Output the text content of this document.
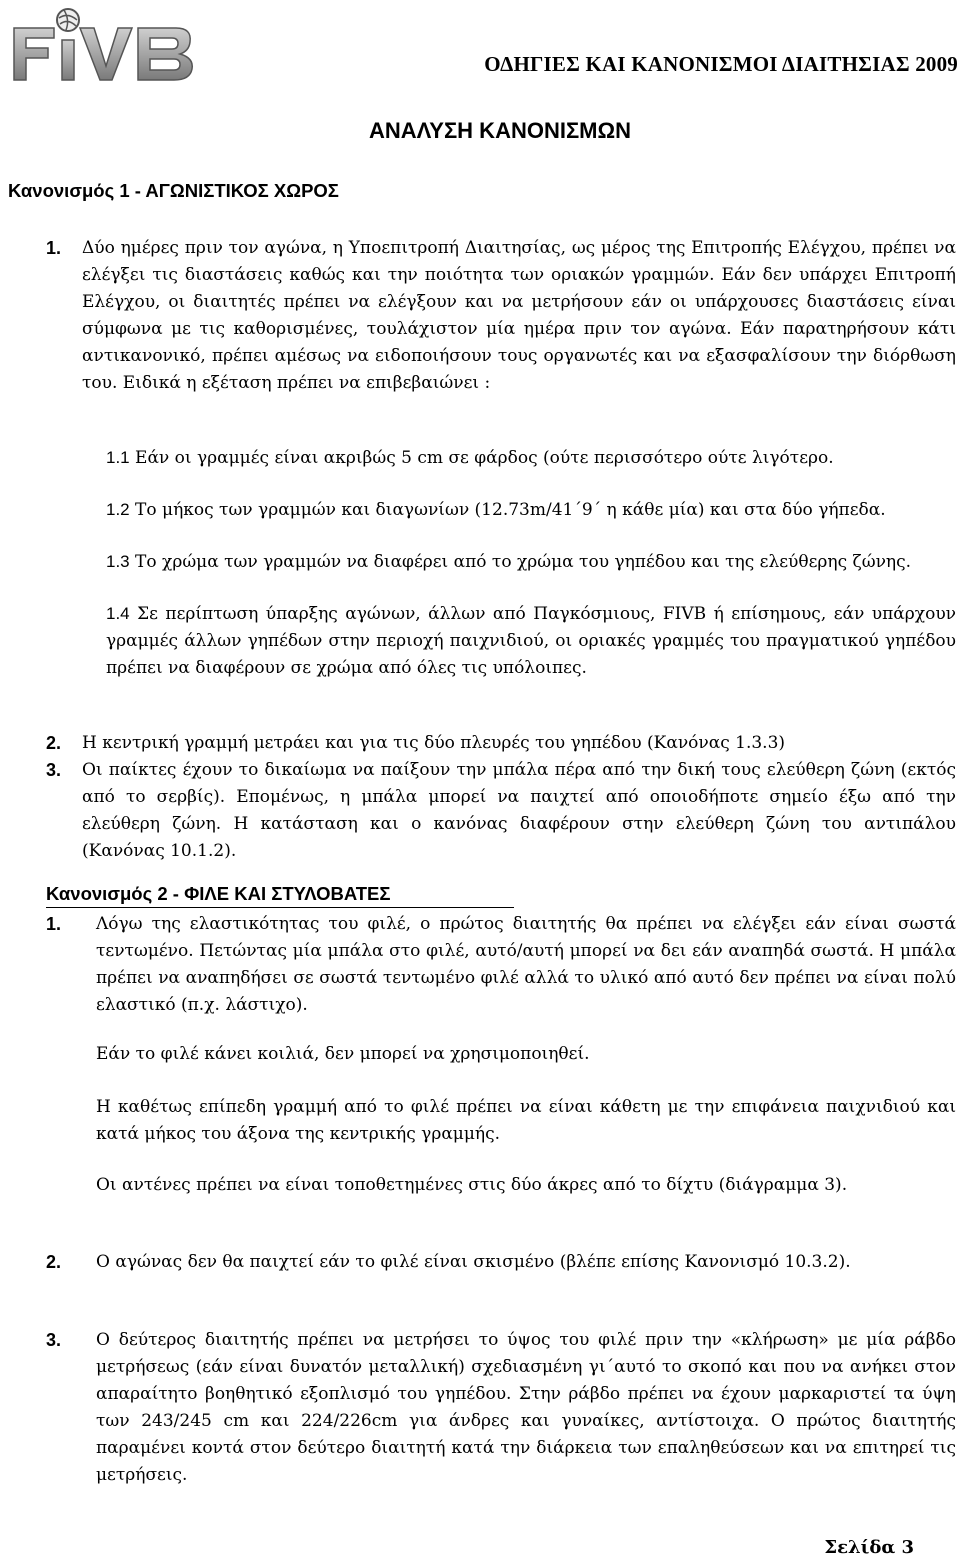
ΟΔΗΓΙΕΣ ΚΑΙ ΚΑΝΟΝΙΣΜΟΙ ΔΙΑΙΤΗΣΙΑΣ 2009
ΑΝΑΛΥΣΗ ΚΑΝΟΝΙΣΜΩΝ
Κανονισμός 1 - ΑΓΩΝΙΣΤΙΚΟΣ ΧΩΡΟΣ
1. Δύο ημέρες πριν τον αγώνα, η Υποεπιτροπή Διαιτησίας, ως μέρος της Επιτροπής Ελέγχου, πρέπει να ελέγξει τις διαστάσεις καθώς και την ποιότητα των οριακών γραμμών. Εάν δεν υπάρχει Επιτροπή Ελέγχου, οι διαιτητές πρέπει να ελέγξουν και να μετρήσουν εάν οι υπάρχουσες διαστάσεις είναι σύμφωνα με τις καθορισμένες, τουλάχιστον μία ημέρα πριν τον αγώνα. Εάν παρατηρήσουν κάτι αντικανονικό, πρέπει αμέσως να ειδοποιήσουν τους οργανωτές και να εξασφαλίσουν την διόρθωση του. Ειδικά η εξέταση πρέπει να επιβεβαιώνει :
1.1 Εάν οι γραμμές είναι ακριβώς 5 cm σε φάρδος (ούτε περισσότερο ούτε λιγότερο.
1.2 Το μήκος των γραμμών και διαγωνίων (12.73m/41΄9΄ η κάθε μία) και στα δύο γήπεδα.
1.3 Το χρώμα των γραμμών να διαφέρει από το χρώμα του γηπέδου και της ελεύθερης ζώνης.
1.4 Σε περίπτωση ύπαρξης αγώνων, άλλων από Παγκόσμιους, FIVB ή επίσημους, εάν υπάρχουν γραμμές άλλων γηπέδων στην περιοχή παιχνιδιού, οι οριακές γραμμές του πραγματικού γηπέδου πρέπει να διαφέρουν σε χρώμα από όλες τις υπόλοιπες.
2. Η κεντρική γραμμή μετράει και για τις δύο πλευρές του γηπέδου (Κανόνας 1.3.3)
3. Οι παίκτες έχουν το δικαίωμα να παίξουν την μπάλα πέρα από την δική τους ελεύθερη ζώνη (εκτός από το σερβίς). Επομένως, η μπάλα μπορεί να παιχτεί από οποιοδήποτε σημείο έξω από την ελεύθερη ζώνη. Η κατάσταση και ο κανόνας διαφέρουν στην ελεύθερη ζώνη του αντιπάλου (Κανόνας 10.1.2).
Κανονισμός 2 - ΦΙΛΕ ΚΑΙ ΣΤΥΛΟΒΑΤΕΣ
1. Λόγω της ελαστικότητας του φιλέ, ο πρώτος διαιτητής θα πρέπει να ελέγξει εάν είναι σωστά τεντωμένο. Πετώντας μία μπάλα στο φιλέ, αυτό/αυτή μπορεί να δει εάν αναπηδά σωστά. Η μπάλα πρέπει να αναπηδήσει σε σωστά τεντωμένο φιλέ αλλά το υλικό από αυτό δεν πρέπει να είναι πολύ ελαστικό (π.χ. λάστιχο).
Εάν το φιλέ κάνει κοιλιά, δεν μπορεί να χρησιμοποιηθεί.
Η καθέτως επίπεδη γραμμή από το φιλέ πρέπει να είναι κάθετη με την επιφάνεια παιχνιδιού και κατά μήκος του άξονα της κεντρικής γραμμής.
Οι αντένες πρέπει να είναι τοποθετημένες στις δύο άκρες από το δίχτυ (διάγραμμα 3).
2. Ο αγώνας δεν θα παιχτεί εάν το φιλέ είναι σκισμένο (βλέπε επίσης Κανονισμό 10.3.2).
3. Ο δεύτερος διαιτητής πρέπει να μετρήσει το ύψος του φιλέ πριν την «κλήρωση» με μία ράβδο μετρήσεως (εάν είναι δυνατόν μεταλλική) σχεδιασμένη γι΄αυτό το σκοπό και που να ανήκει στον απαραίτητο βοηθητικό εξοπλισμό του γηπέδου. Στην ράβδο πρέπει να έχουν μαρκαριστεί τα ύψη των 243/245 cm και 224/226cm για άνδρες και γυναίκες, αντίστοιχα. Ο πρώτος διαιτητής παραμένει κοντά στον δεύτερο διαιτητή κατά την διάρκεια των επαληθεύσεων και να επιτηρεί τις μετρήσεις.
Σελίδα 3
